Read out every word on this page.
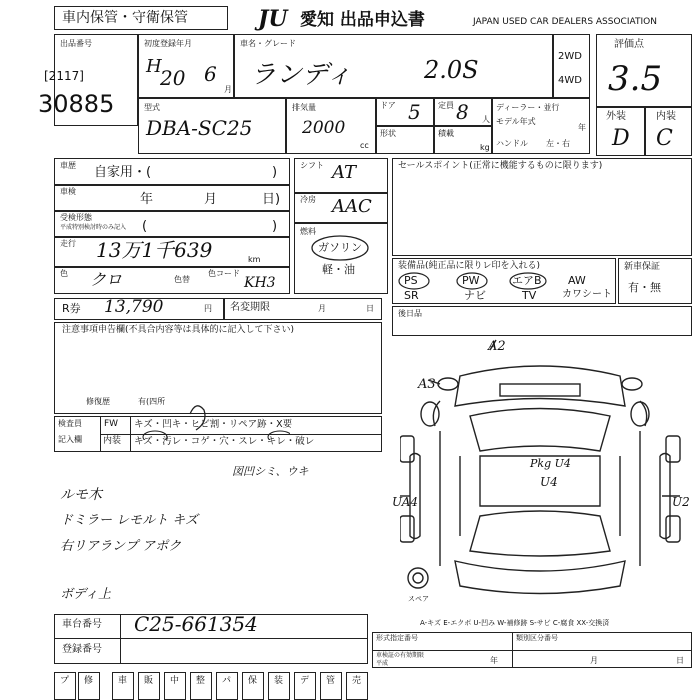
車内保管・守衛保管	JU 愛知 出品申込書	JAPAN USED CAR DEALERS ASSOCIATION
出品番号
[2117]
30885
初度登録年月
H
20 6
月
車名・グレード
ランディ	2.0S	2WD
4WD
評価点
3.5
外装	内装
D C
型式
DBA-SC25
排気量
2000
cc
ドア 5 定員 8 人
形状	積載
kg
ディーラー・並行
モデル年式
年
ハンドル 左・右
車歴 自家用・(	)
車検
年	月	日)
受検形態
平成特別検討時のみ記入 (	)
走行 13万1千639	km
色 クロ	色替
色コード
KH3
シフト AT
冷房 AAC
燃料
ガソリン
軽・油
セールスポイント(正常に機能するものに限ります)
装備品(純正品に限りレ印を入れる)
PS	PW	エアB AW
SR	ナビ	TV	カワシート
新車保証
有・無
R券 13,790	円 名変期限	月	日
後日品
注意事項申告欄(不具合内容等は具体的に記入して下さい)
修復歴	有(四所
検査員
記入欄
FW
内装
キズ・凹キ・ヒビ割・リペア跡・X要
キズ・汚レ・コゲ・穴・スレ・キレ・破レ
図凹シミ、ウキ
ルモ木
ドミラー レモルト キズ
右リアランプ アポク
ボディ上
A2
A3
Pkg U4
U4
UA4	U2
スペア
A-キズ E-エクボ U-凹み W-補修跡 S-サビ C-腐食 XX-交換済
車台番号 C25-661354
登録番号
形式指定番号	類別区分番号
車検証の有効期限
平成	年	月	日
プ 修	車 販 中 整 パ 保 装 デ 管 売
